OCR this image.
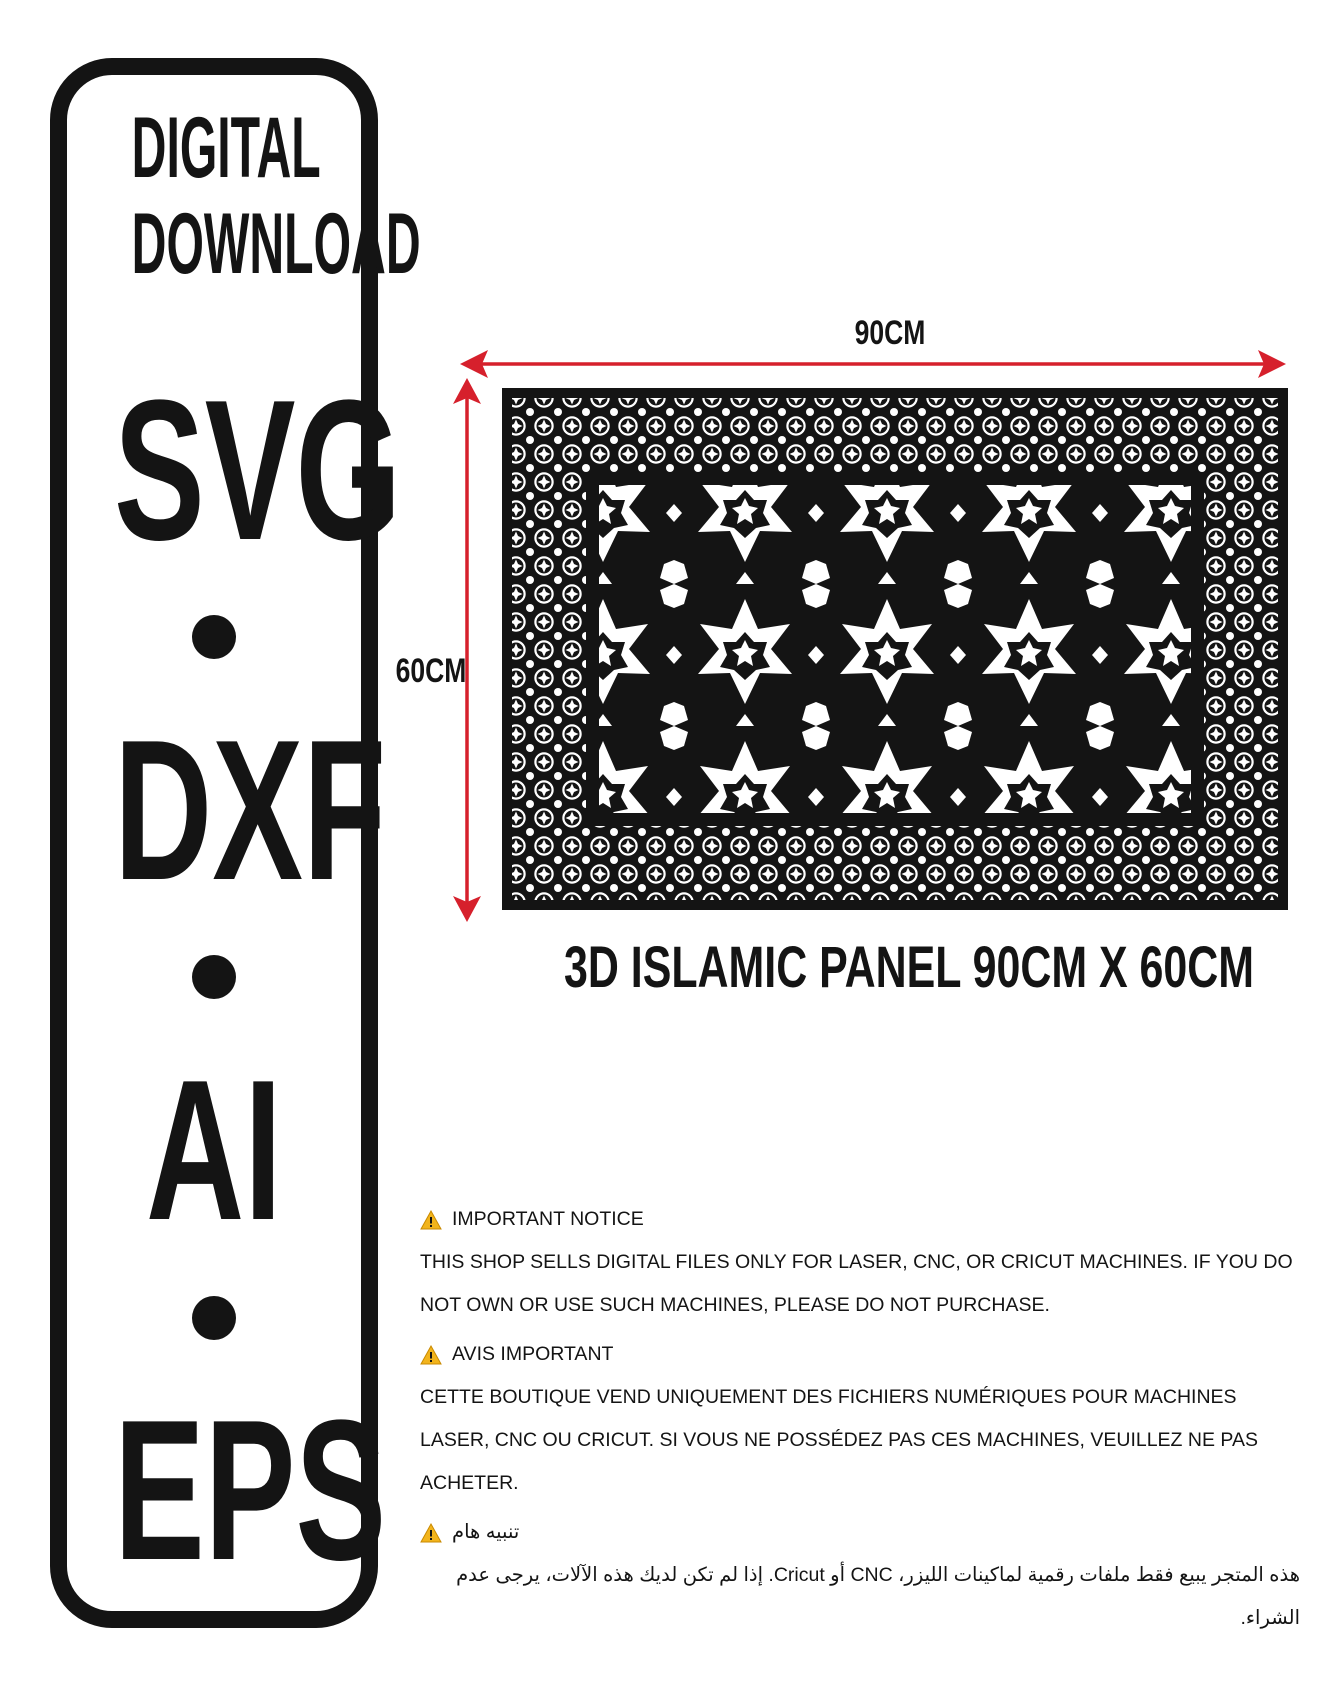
DIGITAL
DOWNLOAD
SVG
DXF
AI
EPS
90CM
60CM
3D ISLAMIC PANEL 90CM X 60CM
IMPORTANT NOTICE
THIS SHOP SELLS DIGITAL FILES ONLY FOR LASER, CNC, OR CRICUT MACHINES. IF YOU DO NOT OWN OR USE SUCH MACHINES, PLEASE DO NOT PURCHASE.
AVIS IMPORTANT
CETTE BOUTIQUE VEND UNIQUEMENT DES FICHIERS NUMÉRIQUES POUR MACHINES LASER, CNC OU CRICUT. SI VOUS NE POSSÉDEZ PAS CES MACHINES, VEUILLEZ NE PAS ACHETER.
تنبيه هام
هذه المتجر يبيع فقط ملفات رقمية لماكينات الليزر، CNC أو Cricut. إذا لم تكن لديك هذه الآلات، يرجى عدم الشراء.
